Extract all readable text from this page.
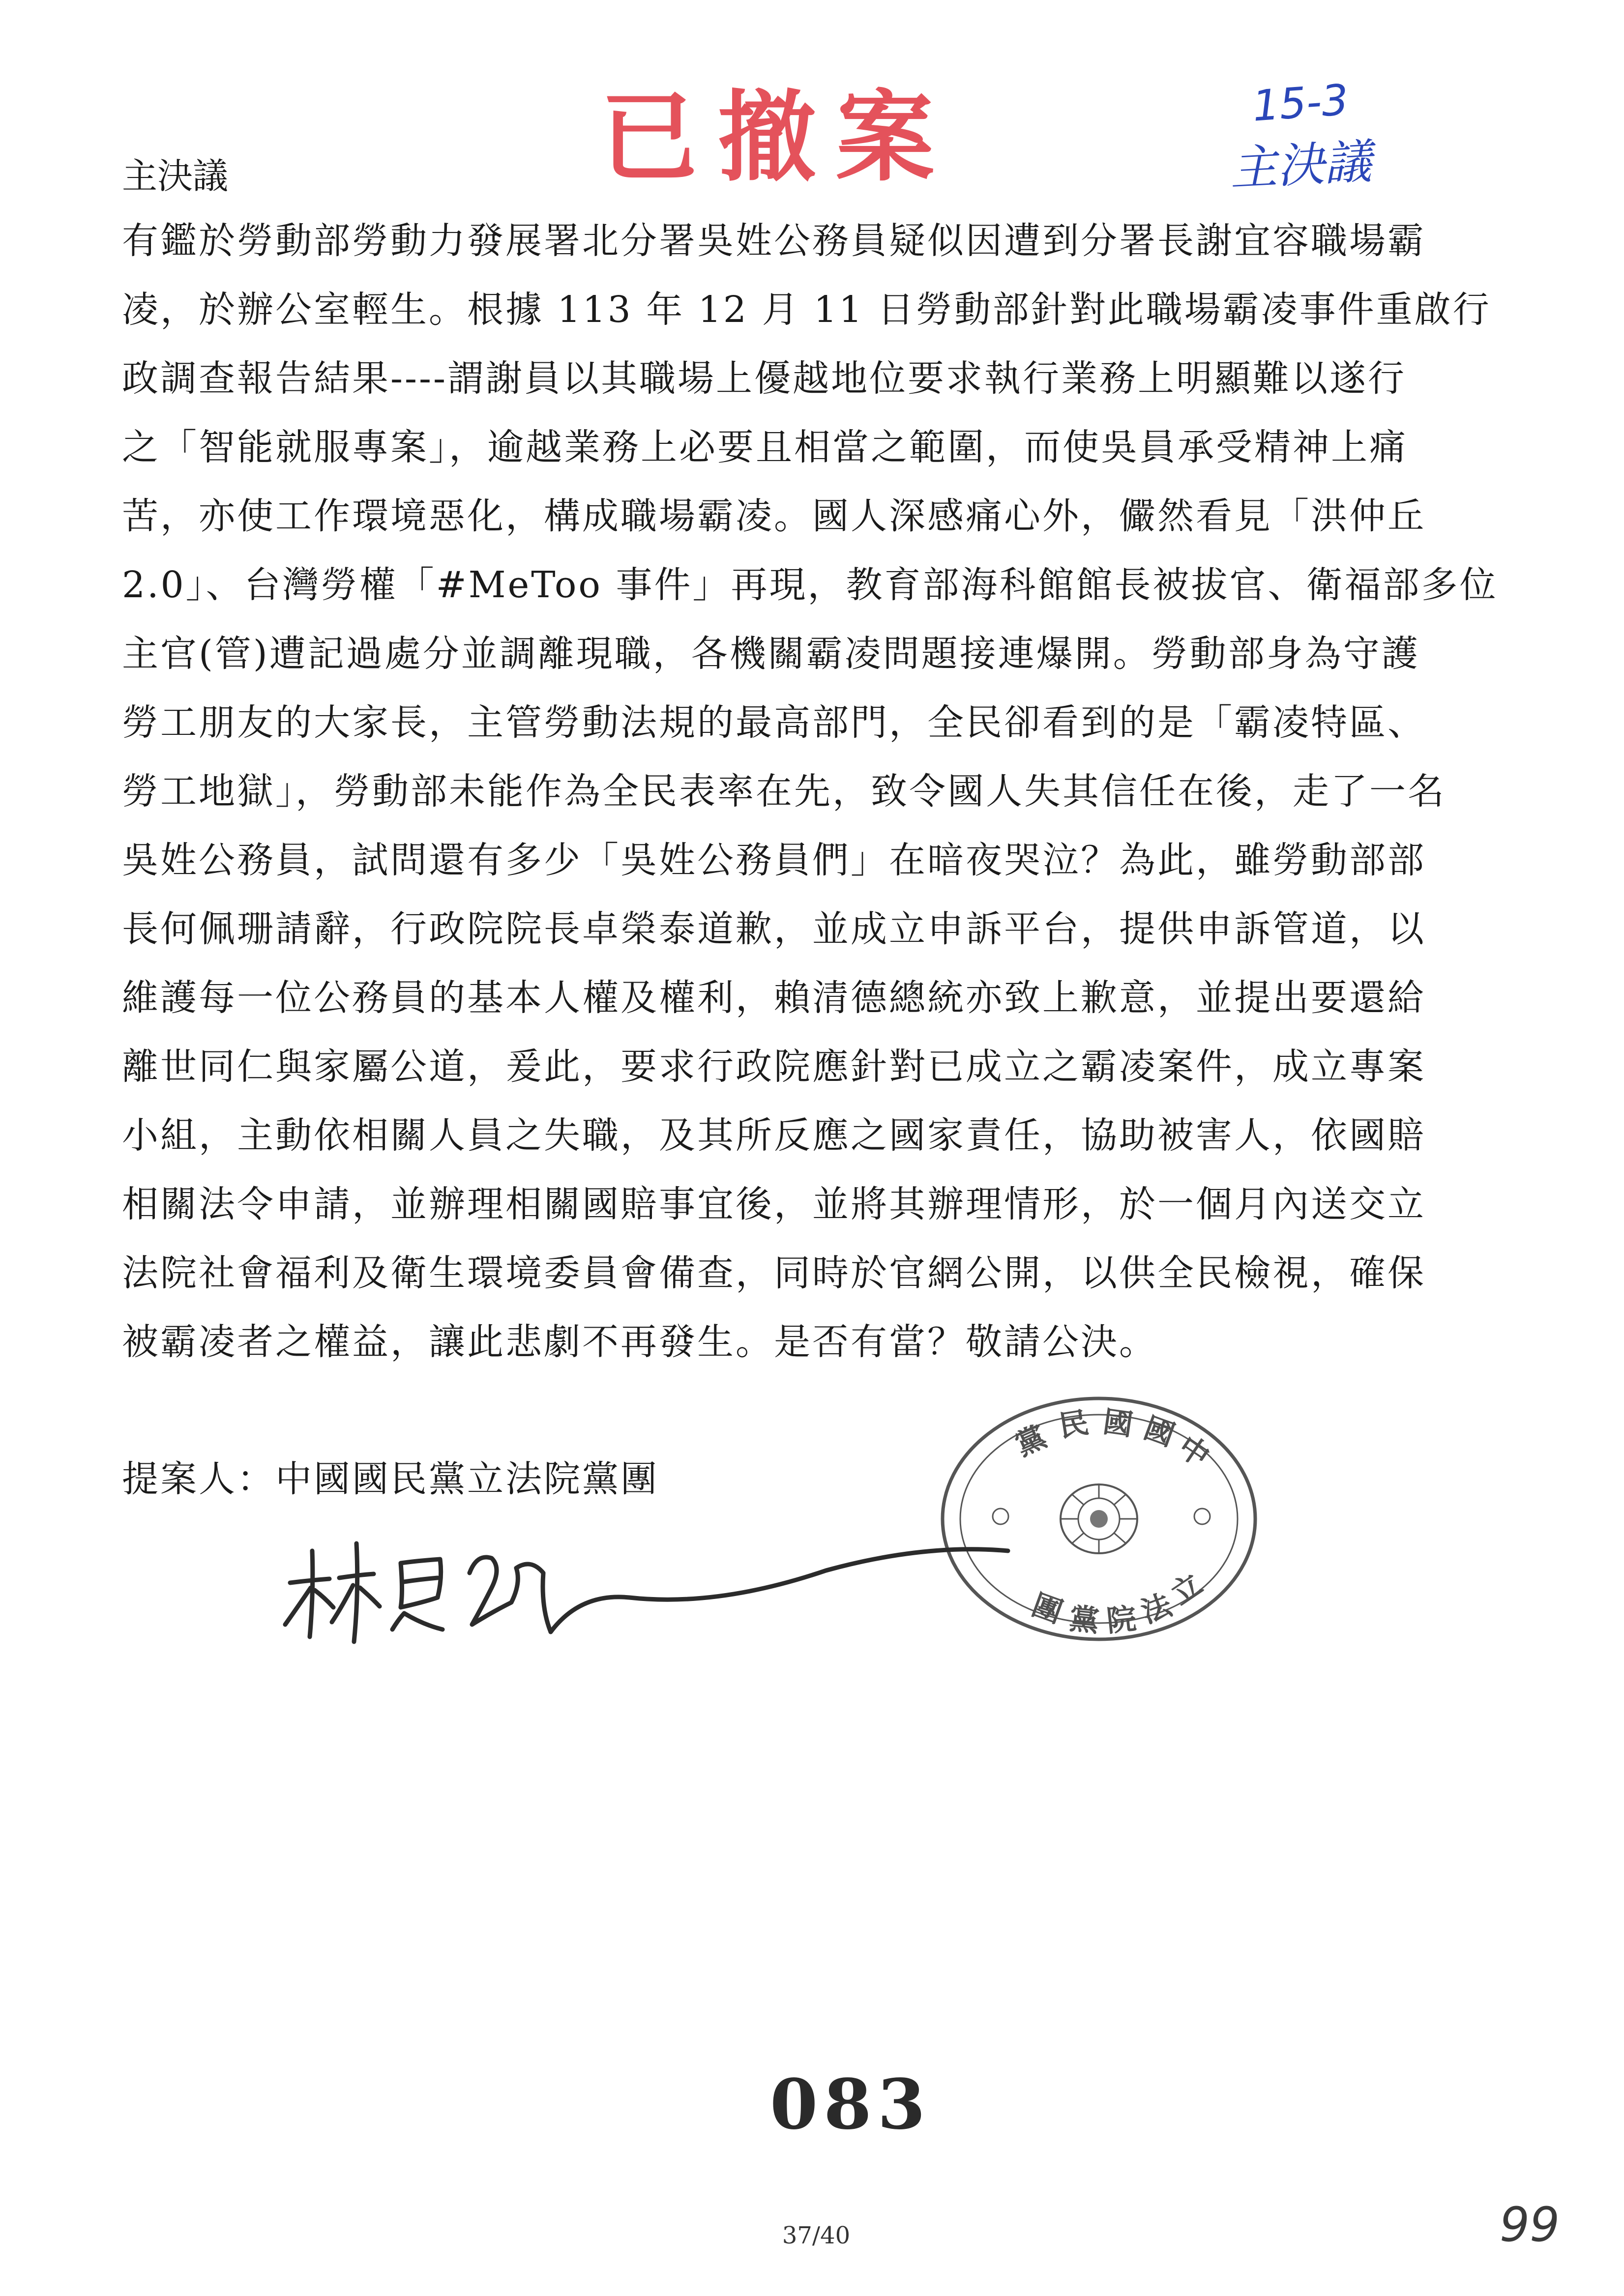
已撤案	15-3
主決議
主決議
有鑑於勞動部勞動力發展署北分署吳姓公務員疑似因遭到分署長謝宜容職場霸
凌，於辦公室輕生。根據 113 年 12 月 11 日勞動部針對此職場霸凌事件重啟行
政調查報告結果----謂謝員以其職場上優越地位要求執行業務上明顯難以遂行
之「智能就服專案」，逾越業務上必要且相當之範圍，而使吳員承受精神上痛
苦，亦使工作環境惡化，構成職場霸凌。國人深感痛心外，儼然看見「洪仲丘
2.0」、台灣勞權「#MeToo 事件」再現，教育部海科館館長被拔官、衛福部多位
主官(管)遭記過處分並調離現職，各機關霸凌問題接連爆開。勞動部身為守護
勞工朋友的大家長，主管勞動法規的最高部門，全民卻看到的是「霸凌特區、
勞工地獄」，勞動部未能作為全民表率在先，致令國人失其信任在後，走了一名
吳姓公務員，試問還有多少「吳姓公務員們」在暗夜哭泣？為此，雖勞動部部
長何佩珊請辭，行政院院長卓榮泰道歉，並成立申訴平台，提供申訴管道，以
維護每一位公務員的基本人權及權利，賴清德總統亦致上歉意，並提出要還給
離世同仁與家屬公道，爰此，要求行政院應針對已成立之霸凌案件，成立專案
小組，主動依相關人員之失職，及其所反應之國家責任，協助被害人，依國賠
相關法令申請，並辦理相關國賠事宜後，並將其辦理情形，於一個月內送交立
法院社會福利及衛生環境委員會備查，同時於官網公開，以供全民檢視，確保
被霸凌者之權益，讓此悲劇不再發生。是否有當？敬請公決。
提案人：中國國民黨立法院黨團
黨 民 國 國
中
團 黨 院
法
立
083
37/40	99
